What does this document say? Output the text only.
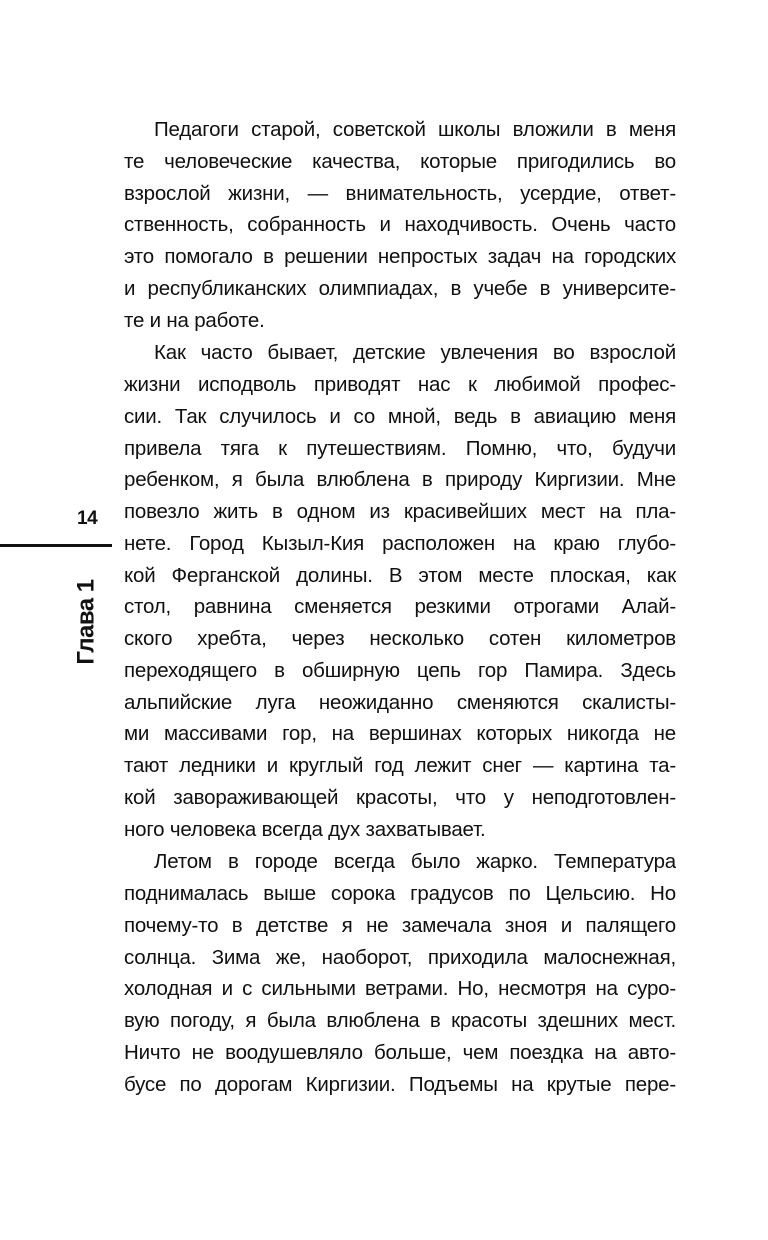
14
Глава 1
Педагоги старой, советской школы вложили в меня
те человеческие качества, которые пригодились во
взрослой жизни, — внимательность, усердие, ответ-
ственность, собранность и находчивость. Очень часто
это помогало в решении непростых задач на городских
и республиканских олимпиадах, в учебе в университе-
те и на работе.
Как часто бывает, детские увлечения во взрослой
жизни исподволь приводят нас к любимой профес-
сии. Так случилось и со мной, ведь в авиацию меня
привела тяга к путешествиям. Помню, что, будучи
ребенком, я была влюблена в природу Киргизии. Мне
повезло жить в одном из красивейших мест на пла-
нете. Город Кызыл-Кия расположен на краю глубо-
кой Ферганской долины. В этом месте плоская, как
стол, равнина сменяется резкими отрогами Алай-
ского хребта, через несколько сотен километров
переходящего в обширную цепь гор Памира. Здесь
альпийские луга неожиданно сменяются скалисты-
ми массивами гор, на вершинах которых никогда не
тают ледники и круглый год лежит снег — картина та-
кой завораживающей красоты, что у неподготовлен-
ного человека всегда дух захватывает.
Летом в городе всегда было жарко. Температура
поднималась выше сорока градусов по Цельсию. Но
почему-то в детстве я не замечала зноя и палящего
солнца. Зима же, наоборот, приходила малоснежная,
холодная и с сильными ветрами. Но, несмотря на суро-
вую погоду, я была влюблена в красоты здешних мест.
Ничто не воодушевляло больше, чем поездка на авто-
бусе по дорогам Киргизии. Подъемы на крутые пере-
